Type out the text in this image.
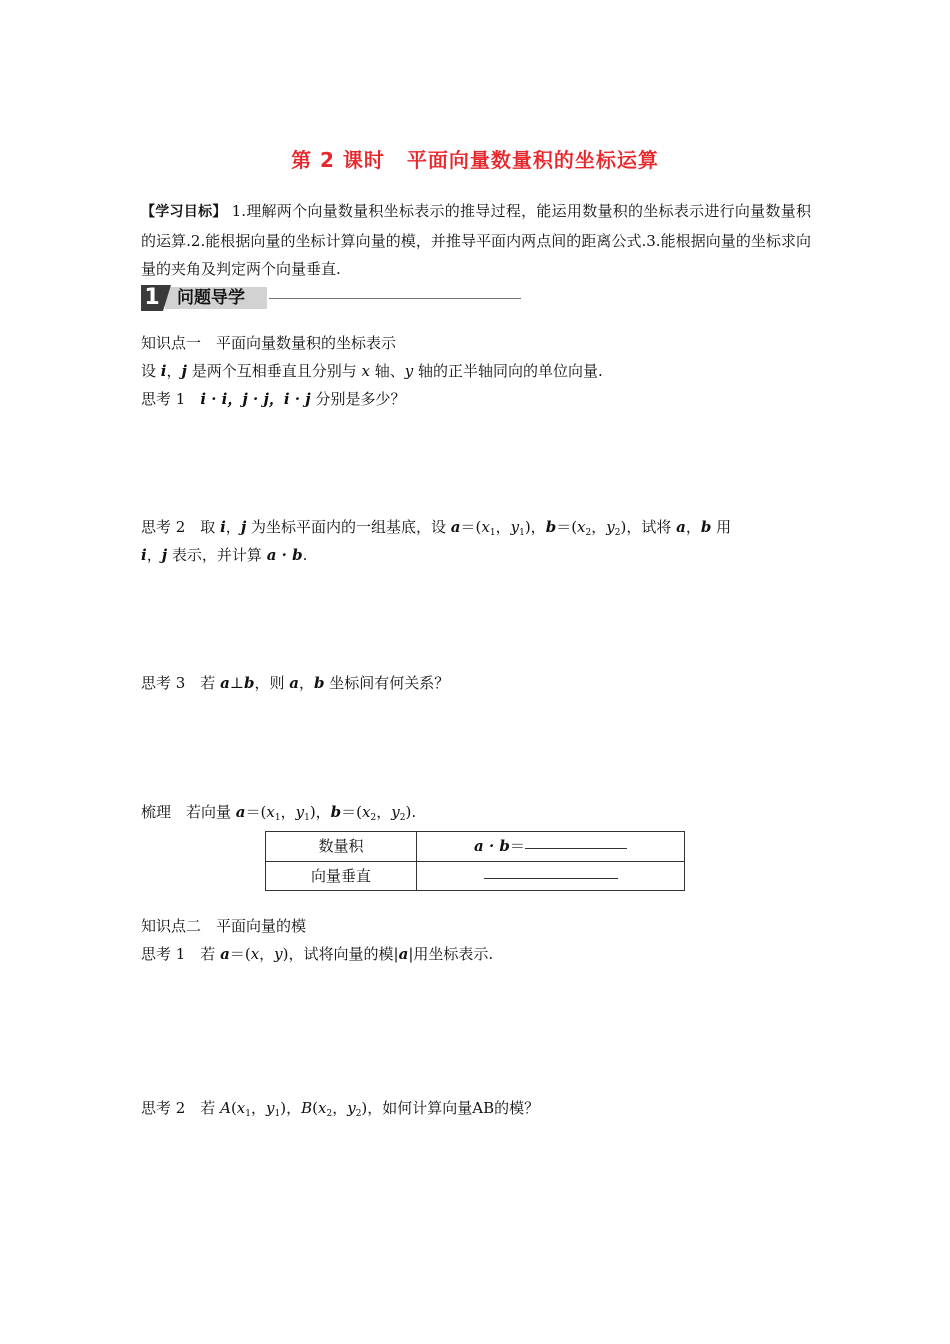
第 2 课时 平面向量数量积的坐标运算
【学习目标】 1.理解两个向量数量积坐标表示的推导过程，能运用数量积的坐标表示进行向量数量积的运算.2.能根据向量的坐标计算向量的模，并推导平面内两点间的距离公式.3.能根据向量的坐标求向量的夹角及判定两个向量垂直.
1 问题导学
知识点一　平面向量数量积的坐标表示
设 i，j 是两个互相垂直且分别与 x 轴、y 轴的正半轴同向的单位向量.
思考 1　i · i，j · j，i · j 分别是多少？
思考 2　取 i，j 为坐标平面内的一组基底，设 $a=(x_1$，$y_1$)，$b=(x_2$，$y_2$)，试将 a，b 用
i，j 表示，并计算 a · b.
思考 3　若 a⊥b，则 a，b 坐标间有何关系？
梳理　若向量 $a=(x_1$，$y_1$)，$b=(x_2$，$y_2$).
数量积	a · b＝
向量垂直
知识点二　平面向量的模
思考 1　若 a＝(x，y)，试将向量的模|a|用坐标表示.
思考 2　若 $A(x_1$，$y_1$)，$B(x_2$，$y_2$)，如何计算向量AB的模？
